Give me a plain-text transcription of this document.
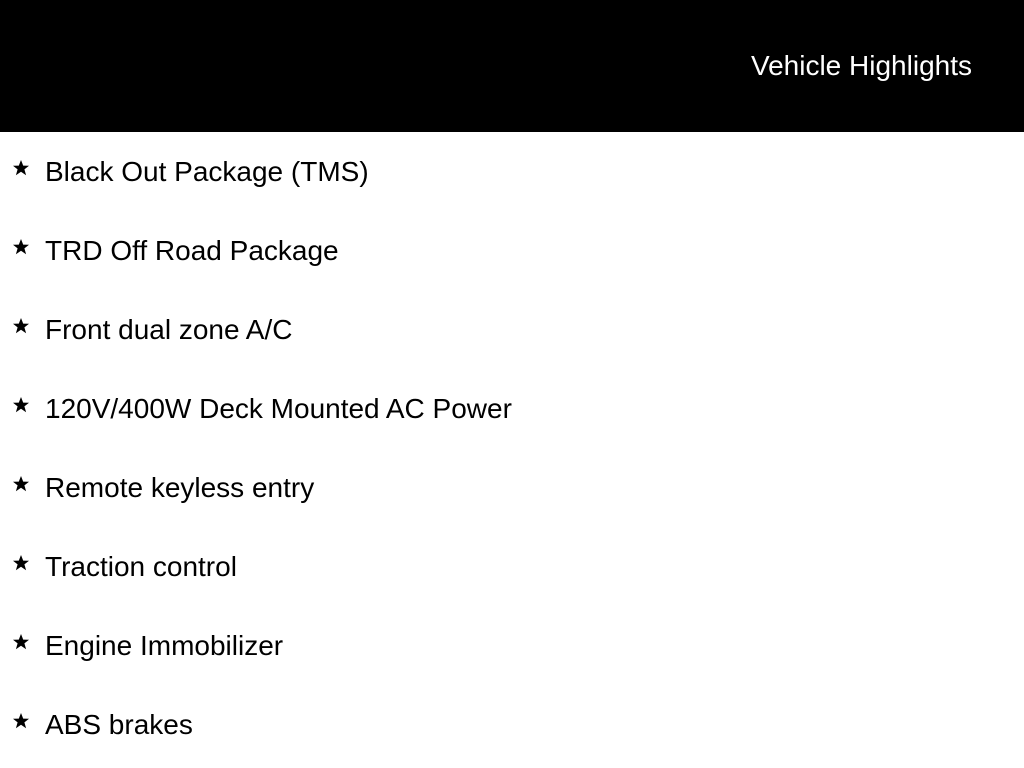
Vehicle Highlights
Black Out Package (TMS)
TRD Off Road Package
Front dual zone A/C
120V/400W Deck Mounted AC Power
Remote keyless entry
Traction control
Engine Immobilizer
ABS brakes
